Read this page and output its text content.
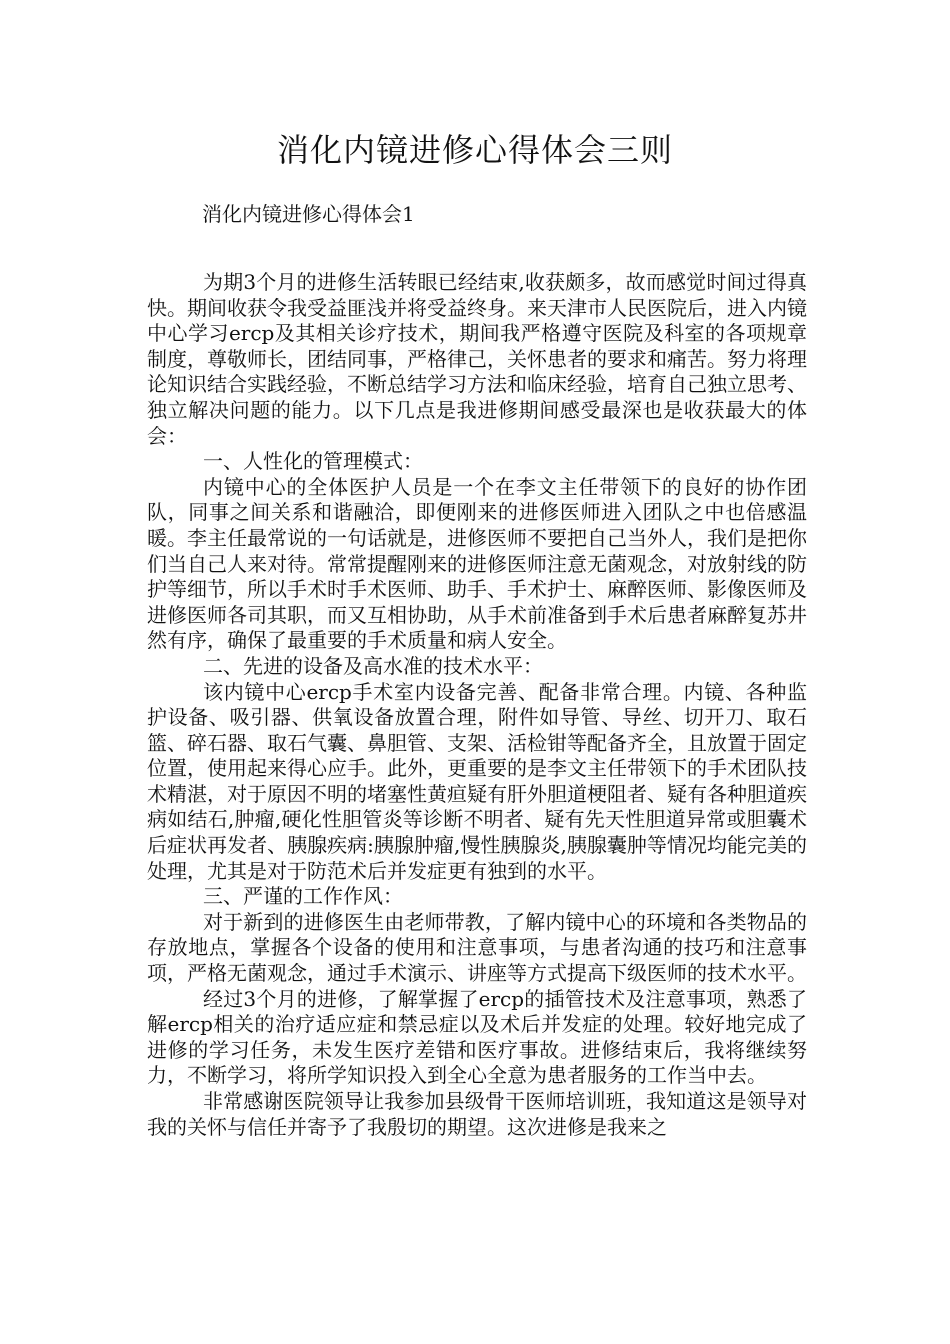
消化内镜进修心得体会三则
消化内镜进修心得体会1

为期3个月的进修生活转眼已经结束,收获颇多，故而感觉时间过得真快。期间收获令我受益匪浅并将受益终身。来天津市人民医院后，进入内镜中心学习ercp及其相关诊疗技术，期间我严格遵守医院及科室的各项规章制度，尊敬师长，团结同事，严格律己，关怀患者的要求和痛苦。努力将理论知识结合实践经验，不断总结学习方法和临床经验，培育自己独立思考、独立解决问题的能力。以下几点是我进修期间感受最深也是收获最大的体会：

一、人性化的管理模式：

内镜中心的全体医护人员是一个在李文主任带领下的良好的协作团队，同事之间关系和谐融洽，即便刚来的进修医师进入团队之中也倍感温暖。李主任最常说的一句话就是，进修医师不要把自己当外人，我们是把你们当自己人来对待。常常提醒刚来的进修医师注意无菌观念，对放射线的防护等细节，所以手术时手术医师、助手、手术护士、麻醉医师、影像医师及进修医师各司其职，而又互相协助，从手术前准备到手术后患者麻醉复苏井然有序，确保了最重要的手术质量和病人安全。

二、先进的设备及高水准的技术水平：

该内镜中心ercp手术室内设备完善、配备非常合理。内镜、各种监护设备、吸引器、供氧设备放置合理，附件如导管、导丝、切开刀、取石篮、碎石器、取石气囊、鼻胆管、支架、活检钳等配备齐全，且放置于固定位置，使用起来得心应手。此外，更重要的是李文主任带领下的手术团队技术精湛，对于原因不明的堵塞性黄疸疑有肝外胆道梗阻者、疑有各种胆道疾病如结石,肿瘤,硬化性胆管炎等诊断不明者、疑有先天性胆道异常或胆囊术后症状再发者、胰腺疾病:胰腺肿瘤,慢性胰腺炎,胰腺囊肿等情况均能完美的处理，尤其是对于防范术后并发症更有独到的水平。

三、严谨的工作作风：

对于新到的进修医生由老师带教，了解内镜中心的环境和各类物品的存放地点，掌握各个设备的使用和注意事项，与患者沟通的技巧和注意事项，严格无菌观念，通过手术演示、讲座等方式提高下级医师的技术水平。

经过3个月的进修，了解掌握了ercp的插管技术及注意事项，熟悉了解ercp相关的治疗适应症和禁忌症以及术后并发症的处理。较好地完成了进修的学习任务，未发生医疗差错和医疗事故。进修结束后，我将继续努力，不断学习，将所学知识投入到全心全意为患者服务的工作当中去。

非常感谢医院领导让我参加县级骨干医师培训班，我知道这是领导对我的关怀与信任并寄予了我殷切的期望。这次进修是我来之
